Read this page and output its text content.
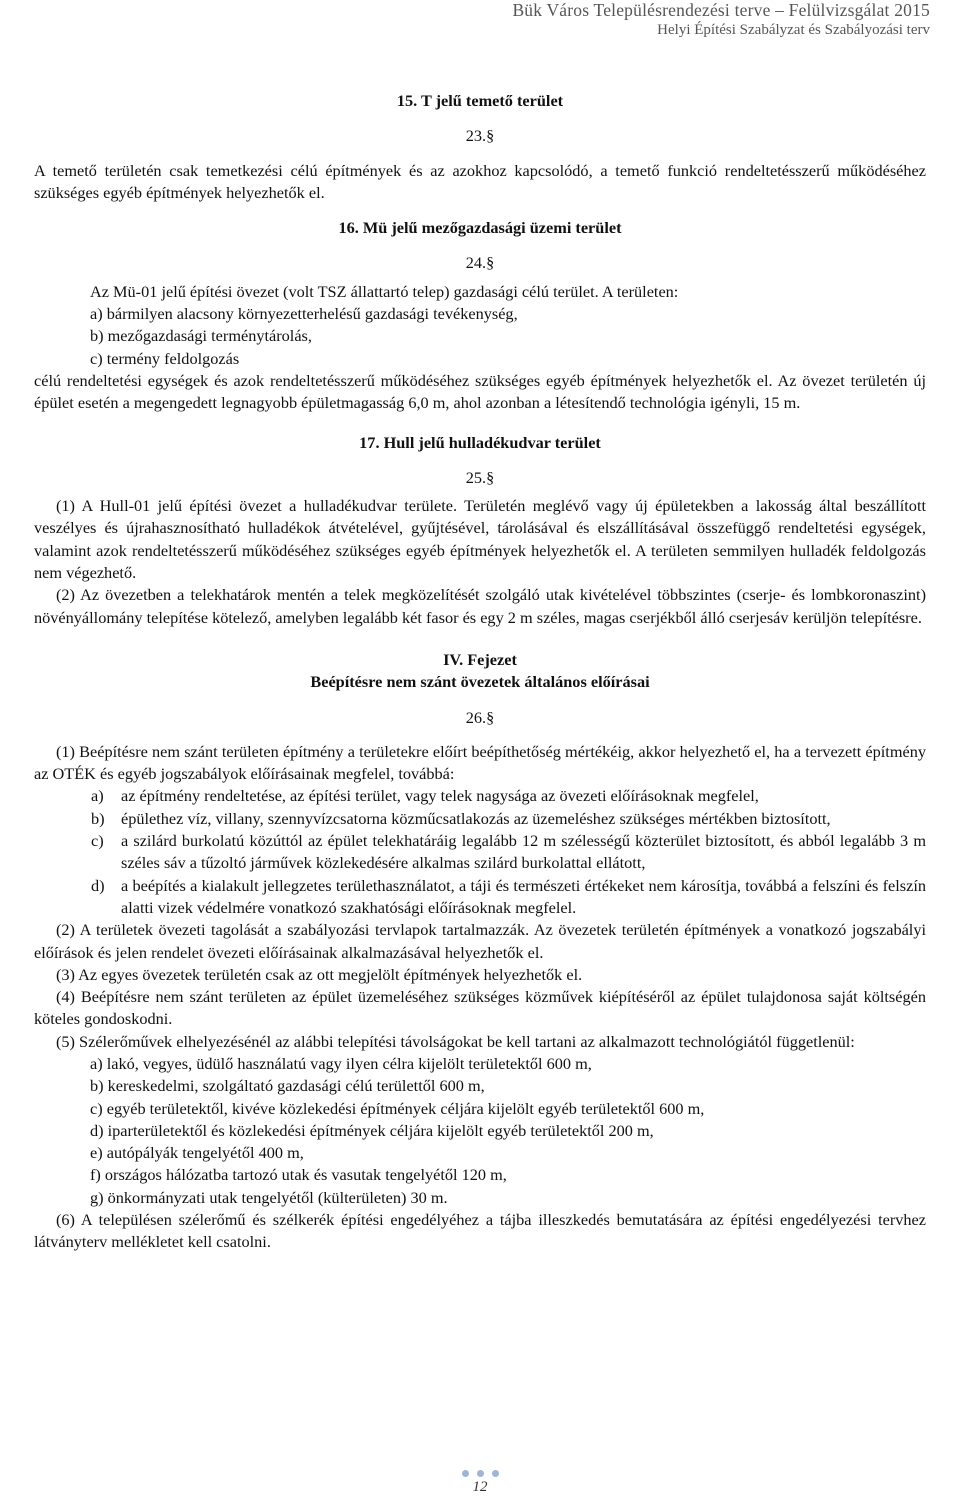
Bük Város Településrendezési terve – Felülvizsgálat 2015
Helyi Építési Szabályzat és Szabályozási terv
15. T jelű temető terület
23.§
A temető területén csak temetkezési célú építmények és az azokhoz kapcsolódó, a temető funkció rendeltetésszerű működéséhez szükséges egyéb építmények helyezhetők el.
16. Mü jelű mezőgazdasági üzemi terület
24.§
Az Mü-01 jelű építési övezet (volt TSZ állattartó telep) gazdasági célú terület. A területen:
a) bármilyen alacsony környezetterhelésű gazdasági tevékenység,
b) mezőgazdasági terménytárolás,
c) termény feldolgozás
célú rendeltetési egységek és azok rendeltetésszerű működéséhez szükséges egyéb építmények helyezhetők el. Az övezet területén új épület esetén a megengedett legnagyobb épületmagasság 6,0 m, ahol azonban a létesítendő technológia igényli, 15 m.
17. Hull jelű hulladékudvar terület
25.§
(1) A Hull-01 jelű építési övezet a hulladékudvar területe. Területén meglévő vagy új épületekben a lakosság által beszállított veszélyes és újrahasznosítható hulladékok átvételével, gyűjtésével, tárolásával és elszállításával összefüggő rendeltetési egységek, valamint azok rendeltetésszerű működéséhez szükséges egyéb építmények helyezhetők el. A területen semmilyen hulladék feldolgozás nem végezhető.
(2) Az övezetben a telekhatárok mentén a telek megközelítését szolgáló utak kivételével többszintes (cserje- és lombkoronaszint) növényállomány telepítése kötelező, amelyben legalább két fasor és egy 2 m széles, magas cserjékből álló cserjesáv kerüljön telepítésre.
IV. Fejezet
Beépítésre nem szánt övezetek általános előírásai
26.§
(1) Beépítésre nem szánt területen építmény a területekre előírt beépíthetőség mértékéig, akkor helyezhető el, ha a tervezett építmény az OTÉK és egyéb jogszabályok előírásainak megfelel, továbbá:
a)	az építmény rendeltetése, az építési terület, vagy telek nagysága az övezeti előírásoknak megfelel,
b)	épülethez víz, villany, szennyvízcsatorna közműcsatlakozás az üzemeléshez szükséges mértékben biztosított,
c)	a szilárd burkolatú közúttól az épület telekhatáráig legalább 12 m szélességű közterület biztosított, és abból legalább 3 m széles sáv a tűzoltó járművek közlekedésére alkalmas szilárd burkolattal ellátott,
d)	a beépítés a kialakult jellegzetes területhasználatot, a táji és természeti értékeket nem károsítja, továbbá a felszíni és felszín alatti vizek védelmére vonatkozó szakhatósági előírásoknak megfelel.
(2) A területek övezeti tagolását a szabályozási tervlapok tartalmazzák. Az övezetek területén építmények a vonatkozó jogszabályi előírások és jelen rendelet övezeti előírásainak alkalmazásával helyezhetők el.
(3) Az egyes övezetek területén csak az ott megjelölt építmények helyezhetők el.
(4) Beépítésre nem szánt területen az épület üzemeléséhez szükséges közművek kiépítéséről az épület tulajdonosa saját költségén köteles gondoskodni.
(5) Szélerőművek elhelyezésénél az alábbi telepítési távolságokat be kell tartani az alkalmazott technológiától függetlenül:
a) lakó, vegyes, üdülő használatú vagy ilyen célra kijelölt területektől 600 m,
b) kereskedelmi, szolgáltató gazdasági célú területtől 600 m,
c) egyéb területektől, kivéve közlekedési építmények céljára kijelölt egyéb területektől 600 m,
d) iparterületektől és közlekedési építmények céljára kijelölt egyéb területektől 200 m,
e) autópályák tengelyétől 400 m,
f) országos hálózatba tartozó utak és vasutak tengelyétől 120 m,
g) önkormányzati utak tengelyétől (külterületen) 30 m.
(6) A településen szélerőmű és szélkerék építési engedélyéhez a tájba illeszkedés bemutatására az építési engedélyezési tervhez látványterv mellékletet kell csatolni.
12
